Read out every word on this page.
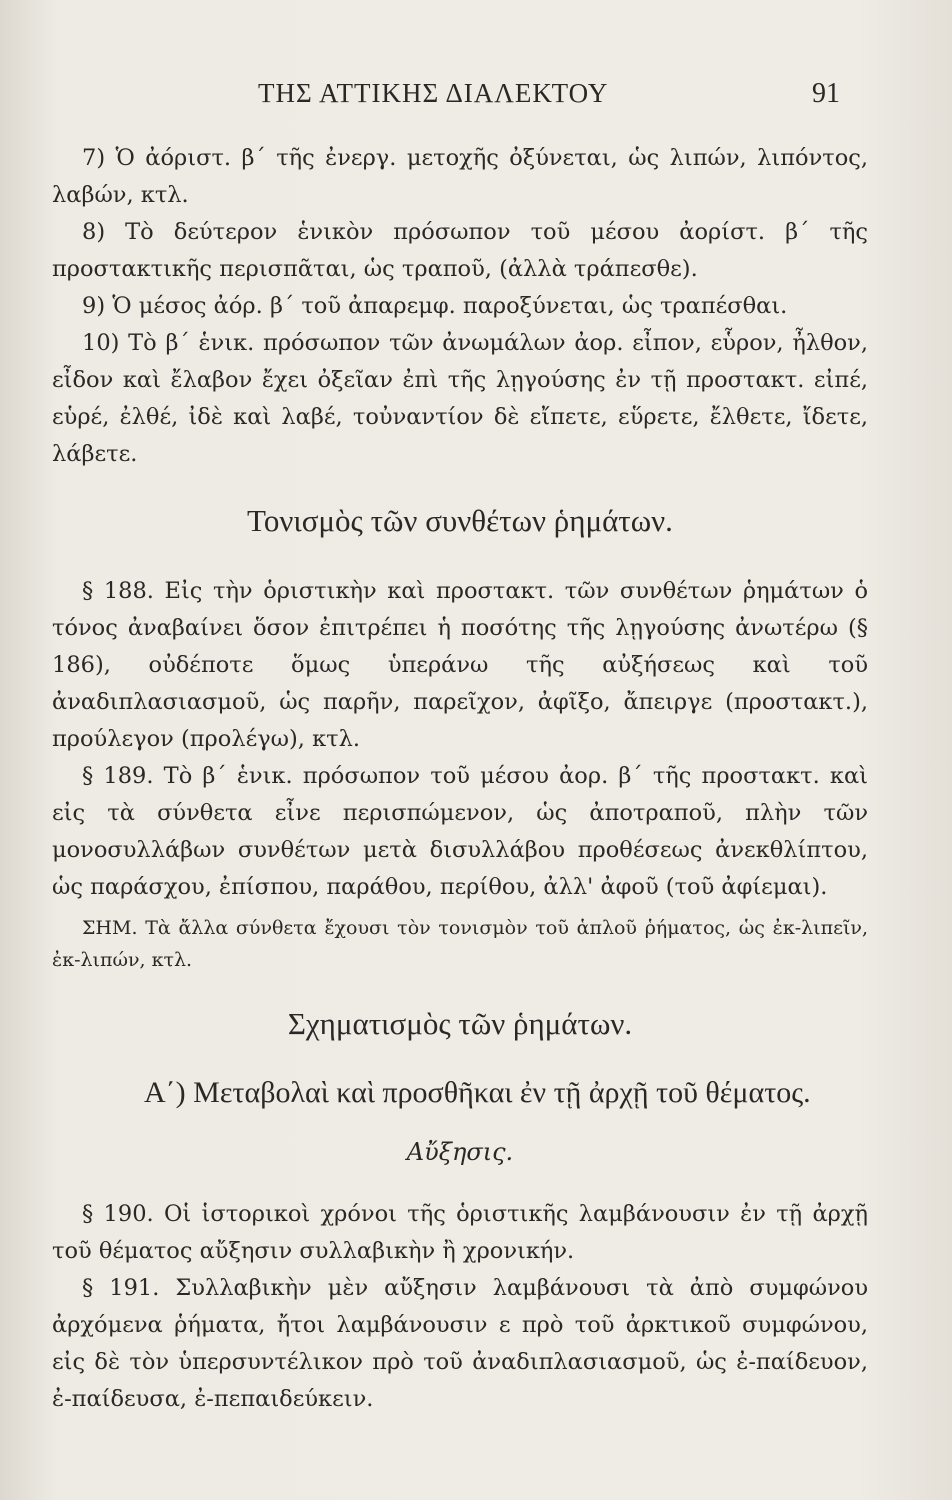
ΤΗΣ ΑΤΤΙΚΗΣ ΔΙΑΛΕΚΤΟΥ	91

7) Ὁ ἀόριστ. β΄ τῆς ἐνεργ. μετοχῆς ὀξύνεται, ὡς λιπών, λιπόντος, λαβών, κτλ.

8) Τὸ δεύτερον ἑνικὸν πρόσωπον τοῦ μέσου ἀορίστ. β΄ τῆς προστακτικῆς περισπᾶται, ὡς τραποῦ, (ἀλλὰ τράπεσθε).

9) Ὁ μέσος ἀόρ. β΄ τοῦ ἀπαρεμφ. παροξύνεται, ὡς τραπέσθαι.

10) Τὸ β΄ ἑνικ. πρόσωπον τῶν ἀνωμάλων ἀορ. εἶπον, εὗρον, ἦλθον, εἶδον καὶ ἔλαβον ἔχει ὀξεῖαν ἐπὶ τῆς λῃγούσης ἐν τῇ προστακτ. εἰπέ, εὑρέ, ἐλθέ, ἰδὲ καὶ λαβέ, τοὐναντίον δὲ εἴπετε, εὕρετε, ἔλθετε, ἴδετε, λάβετε.

Τονισμὸς τῶν συνθέτων ῥημάτων.

§ 188. Εἰς τὴν ὁριστικὴν καὶ προστακτ. τῶν συνθέτων ῥημάτων ὁ τόνος ἀναβαίνει ὅσον ἐπιτρέπει ἡ ποσότης τῆς λῃγούσης ἀνωτέρω (§ 186), οὐδέποτε ὅμως ὑπεράνω τῆς αὐξήσεως καὶ τοῦ ἀναδιπλασιασμοῦ, ὡς παρῆν, παρεῖχον, ἀφῖξο, ἄπειργε (προστακτ.), προύλεγον (προλέγω), κτλ.

§ 189. Τὸ β΄ ἑνικ. πρόσωπον τοῦ μέσου ἀορ. β΄ τῆς προστακτ. καὶ εἰς τὰ σύνθετα εἶνε περισπώμενον, ὡς ἀποτραποῦ, πλὴν τῶν μονοσυλλάβων συνθέτων μετὰ δισυλλάβου προθέσεως ἀνεκθλίπτου, ὡς παράσχου, ἐπίσπου, παράθου, περίθου, ἀλλ' ἀφοῦ (τοῦ ἀφίεμαι).

ΣΗΜ. Τὰ ἄλλα σύνθετα ἔχουσι τὸν τονισμὸν τοῦ ἁπλοῦ ῥήματος, ὡς ἐκ-λιπεῖν, ἐκ-λιπών, κτλ.

Σχηματισμὸς τῶν ῥημάτων.
Α΄) Μεταβολαὶ καὶ προσθῆκαι ἐν τῇ ἀρχῇ τοῦ θέματος.
Αὔξησις.

§ 190. Οἱ ἱστορικοὶ χρόνοι τῆς ὁριστικῆς λαμβάνουσιν ἐν τῇ ἀρχῇ τοῦ θέματος αὔξησιν συλλαβικὴν ἢ χρονικήν.

§ 191. Συλλαβικὴν μὲν αὔξησιν λαμβάνουσι τὰ ἀπὸ συμφώνου ἀρχόμενα ῥήματα, ἤτοι λαμβάνουσιν ε πρὸ τοῦ ἀρκτικοῦ συμφώνου, εἰς δὲ τὸν ὑπερσυντέλικον πρὸ τοῦ ἀναδιπλασιασμοῦ, ὡς ἐ-παίδευον, ἐ-παίδευσα, ἐ-πεπαιδεύκειν.
